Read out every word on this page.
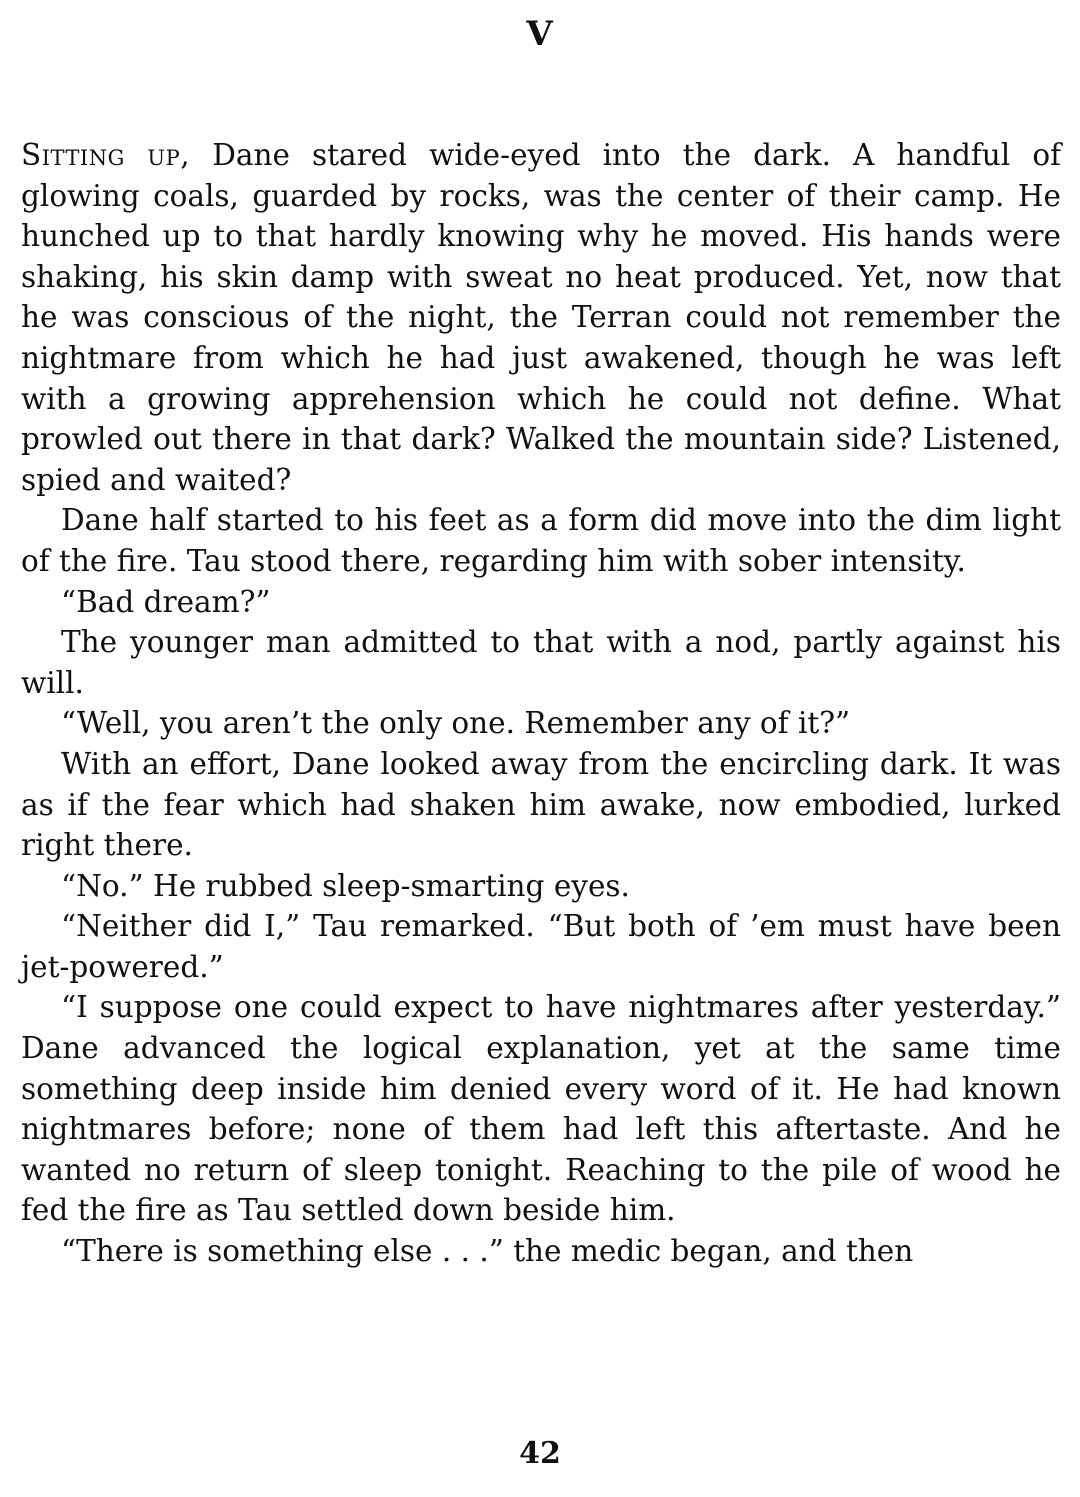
V

Sitting up, Dane stared wide-eyed into the dark. A handful of glowing coals, guarded by rocks, was the center of their camp. He hunched up to that hardly knowing why he moved. His hands were shaking, his skin damp with sweat no heat produced. Yet, now that he was conscious of the night, the Terran could not remember the nightmare from which he had just awakened, though he was left with a growing apprehension which he could not define. What prowled out there in that dark? Walked the mountain side? Listened, spied and waited?

Dane half started to his feet as a form did move into the dim light of the fire. Tau stood there, regarding him with sober intensity.

“Bad dream?”

The younger man admitted to that with a nod, partly against his will.

“Well, you aren’t the only one. Remember any of it?”

With an effort, Dane looked away from the encircling dark. It was as if the fear which had shaken him awake, now embodied, lurked right there.

“No.” He rubbed sleep-smarting eyes.

“Neither did I,” Tau remarked. “But both of ’em must have been jet-powered.”

“I suppose one could expect to have nightmares after yesterday.” Dane advanced the logical explanation, yet at the same time something deep inside him denied every word of it. He had known nightmares before; none of them had left this aftertaste. And he wanted no return of sleep tonight. Reaching to the pile of wood he fed the fire as Tau settled down beside him.

“There is something else . . .” the medic began, and then

42
